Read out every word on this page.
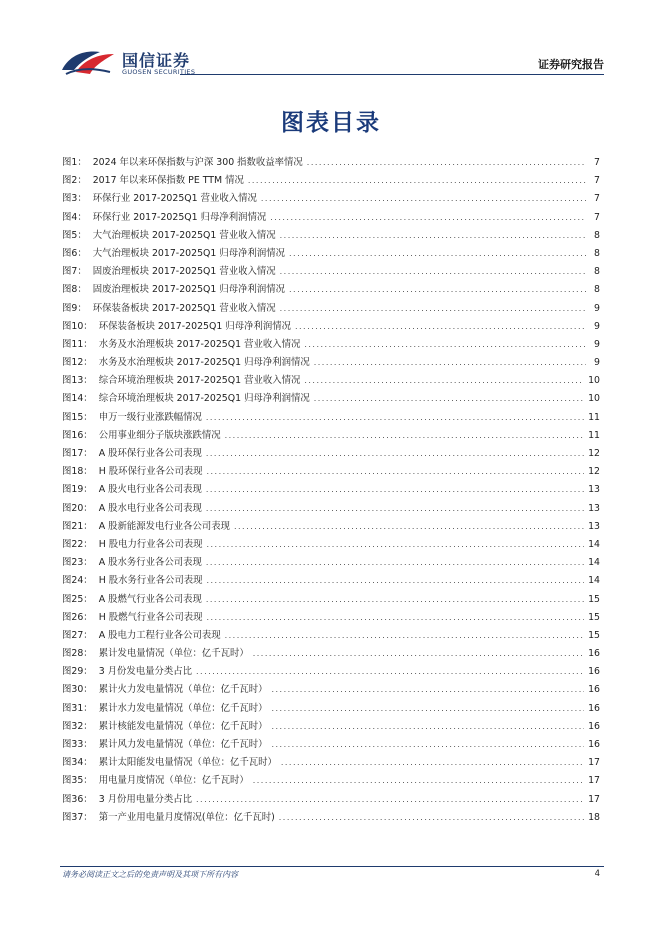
国信证券
GUOSEN SECURITIES
证券研究报告
图表目录
图1： 2024 年以来环保指数与沪深 300 指数收益率情况 .....	7
图2： 2017 年以来环保指数 PE TTM 情况 .....	7
图3： 环保行业 2017-2025Q1 营业收入情况 .....	7
图4： 环保行业 2017-2025Q1 归母净利润情况 .....	7
图5： 大气治理板块 2017-2025Q1 营业收入情况 .....	8
图6： 大气治理板块 2017-2025Q1 归母净利润情况 .....	8
图7： 固废治理板块 2017-2025Q1 营业收入情况 .....	8
图8： 固废治理板块 2017-2025Q1 归母净利润情况 .....	8
图9： 环保装备板块 2017-2025Q1 营业收入情况 .....	9
图10： 环保装备板块 2017-2025Q1 归母净利润情况 .....	9
图11： 水务及水治理板块 2017-2025Q1 营业收入情况 .....	9
图12： 水务及水治理板块 2017-2025Q1 归母净利润情况 .....	9
图13： 综合环境治理板块 2017-2025Q1 营业收入情况 .....	10
图14： 综合环境治理板块 2017-2025Q1 归母净利润情况 .....	10
图15： 申万一级行业涨跌幅情况 .....	11
图16： 公用事业细分子版块涨跌情况 .....	11
图17： A 股环保行业各公司表现 .....	12
图18： H 股环保行业各公司表现 .....	12
图19： A 股火电行业各公司表现 .....	13
图20： A 股水电行业各公司表现 .....	13
图21： A 股新能源发电行业各公司表现 .....	13
图22： H 股电力行业各公司表现 .....	14
图23： A 股水务行业各公司表现 .....	14
图24： H 股水务行业各公司表现 .....	14
图25： A 股燃气行业各公司表现 .....	15
图26： H 股燃气行业各公司表现 .....	15
图27： A 股电力工程行业各公司表现 .....	15
图28： 累计发电量情况（单位：亿千瓦时） .....	16
图29： 3 月份发电量分类占比 .....	16
图30： 累计火力发电量情况（单位：亿千瓦时） .....	16
图31： 累计水力发电量情况（单位：亿千瓦时） .....	16
图32： 累计核能发电量情况（单位：亿千瓦时） .....	16
图33： 累计风力发电量情况（单位：亿千瓦时） .....	16
图34： 累计太阳能发电量情况（单位：亿千瓦时） .....	17
图35： 用电量月度情况（单位：亿千瓦时） .....	17
图36： 3 月份用电量分类占比 .....	17
图37： 第一产业用电量月度情况(单位：亿千瓦时) .....	18
请务必阅读正文之后的免责声明及其项下所有内容	4
